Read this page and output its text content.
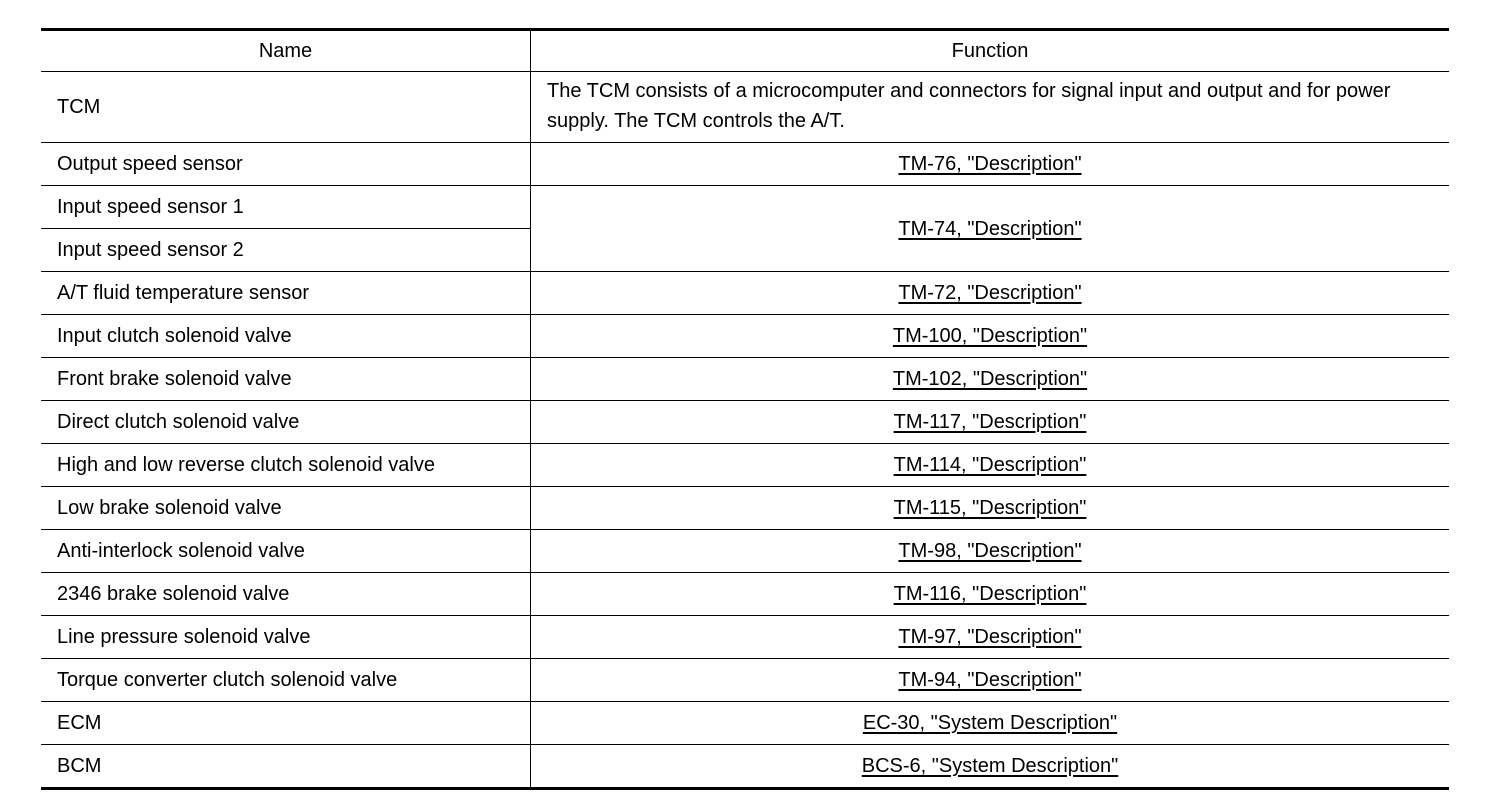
Name	Function
TCM	The TCM consists of a microcomputer and connectors for signal input and output and for power supply. The TCM controls the A/T.
Output speed sensor	TM-76, "Description"
Input speed sensor 1	TM-74, "Description"
Input speed sensor 2	
A/T fluid temperature sensor	TM-72, "Description"
Input clutch solenoid valve	TM-100, "Description"
Front brake solenoid valve	TM-102, "Description"
Direct clutch solenoid valve	TM-117, "Description"
High and low reverse clutch solenoid valve	TM-114, "Description"
Low brake solenoid valve	TM-115, "Description"
Anti-interlock solenoid valve	TM-98, "Description"
2346 brake solenoid valve	TM-116, "Description"
Line pressure solenoid valve	TM-97, "Description"
Torque converter clutch solenoid valve	TM-94, "Description"
ECM	EC-30, "System Description"
BCM	BCS-6, "System Description"
